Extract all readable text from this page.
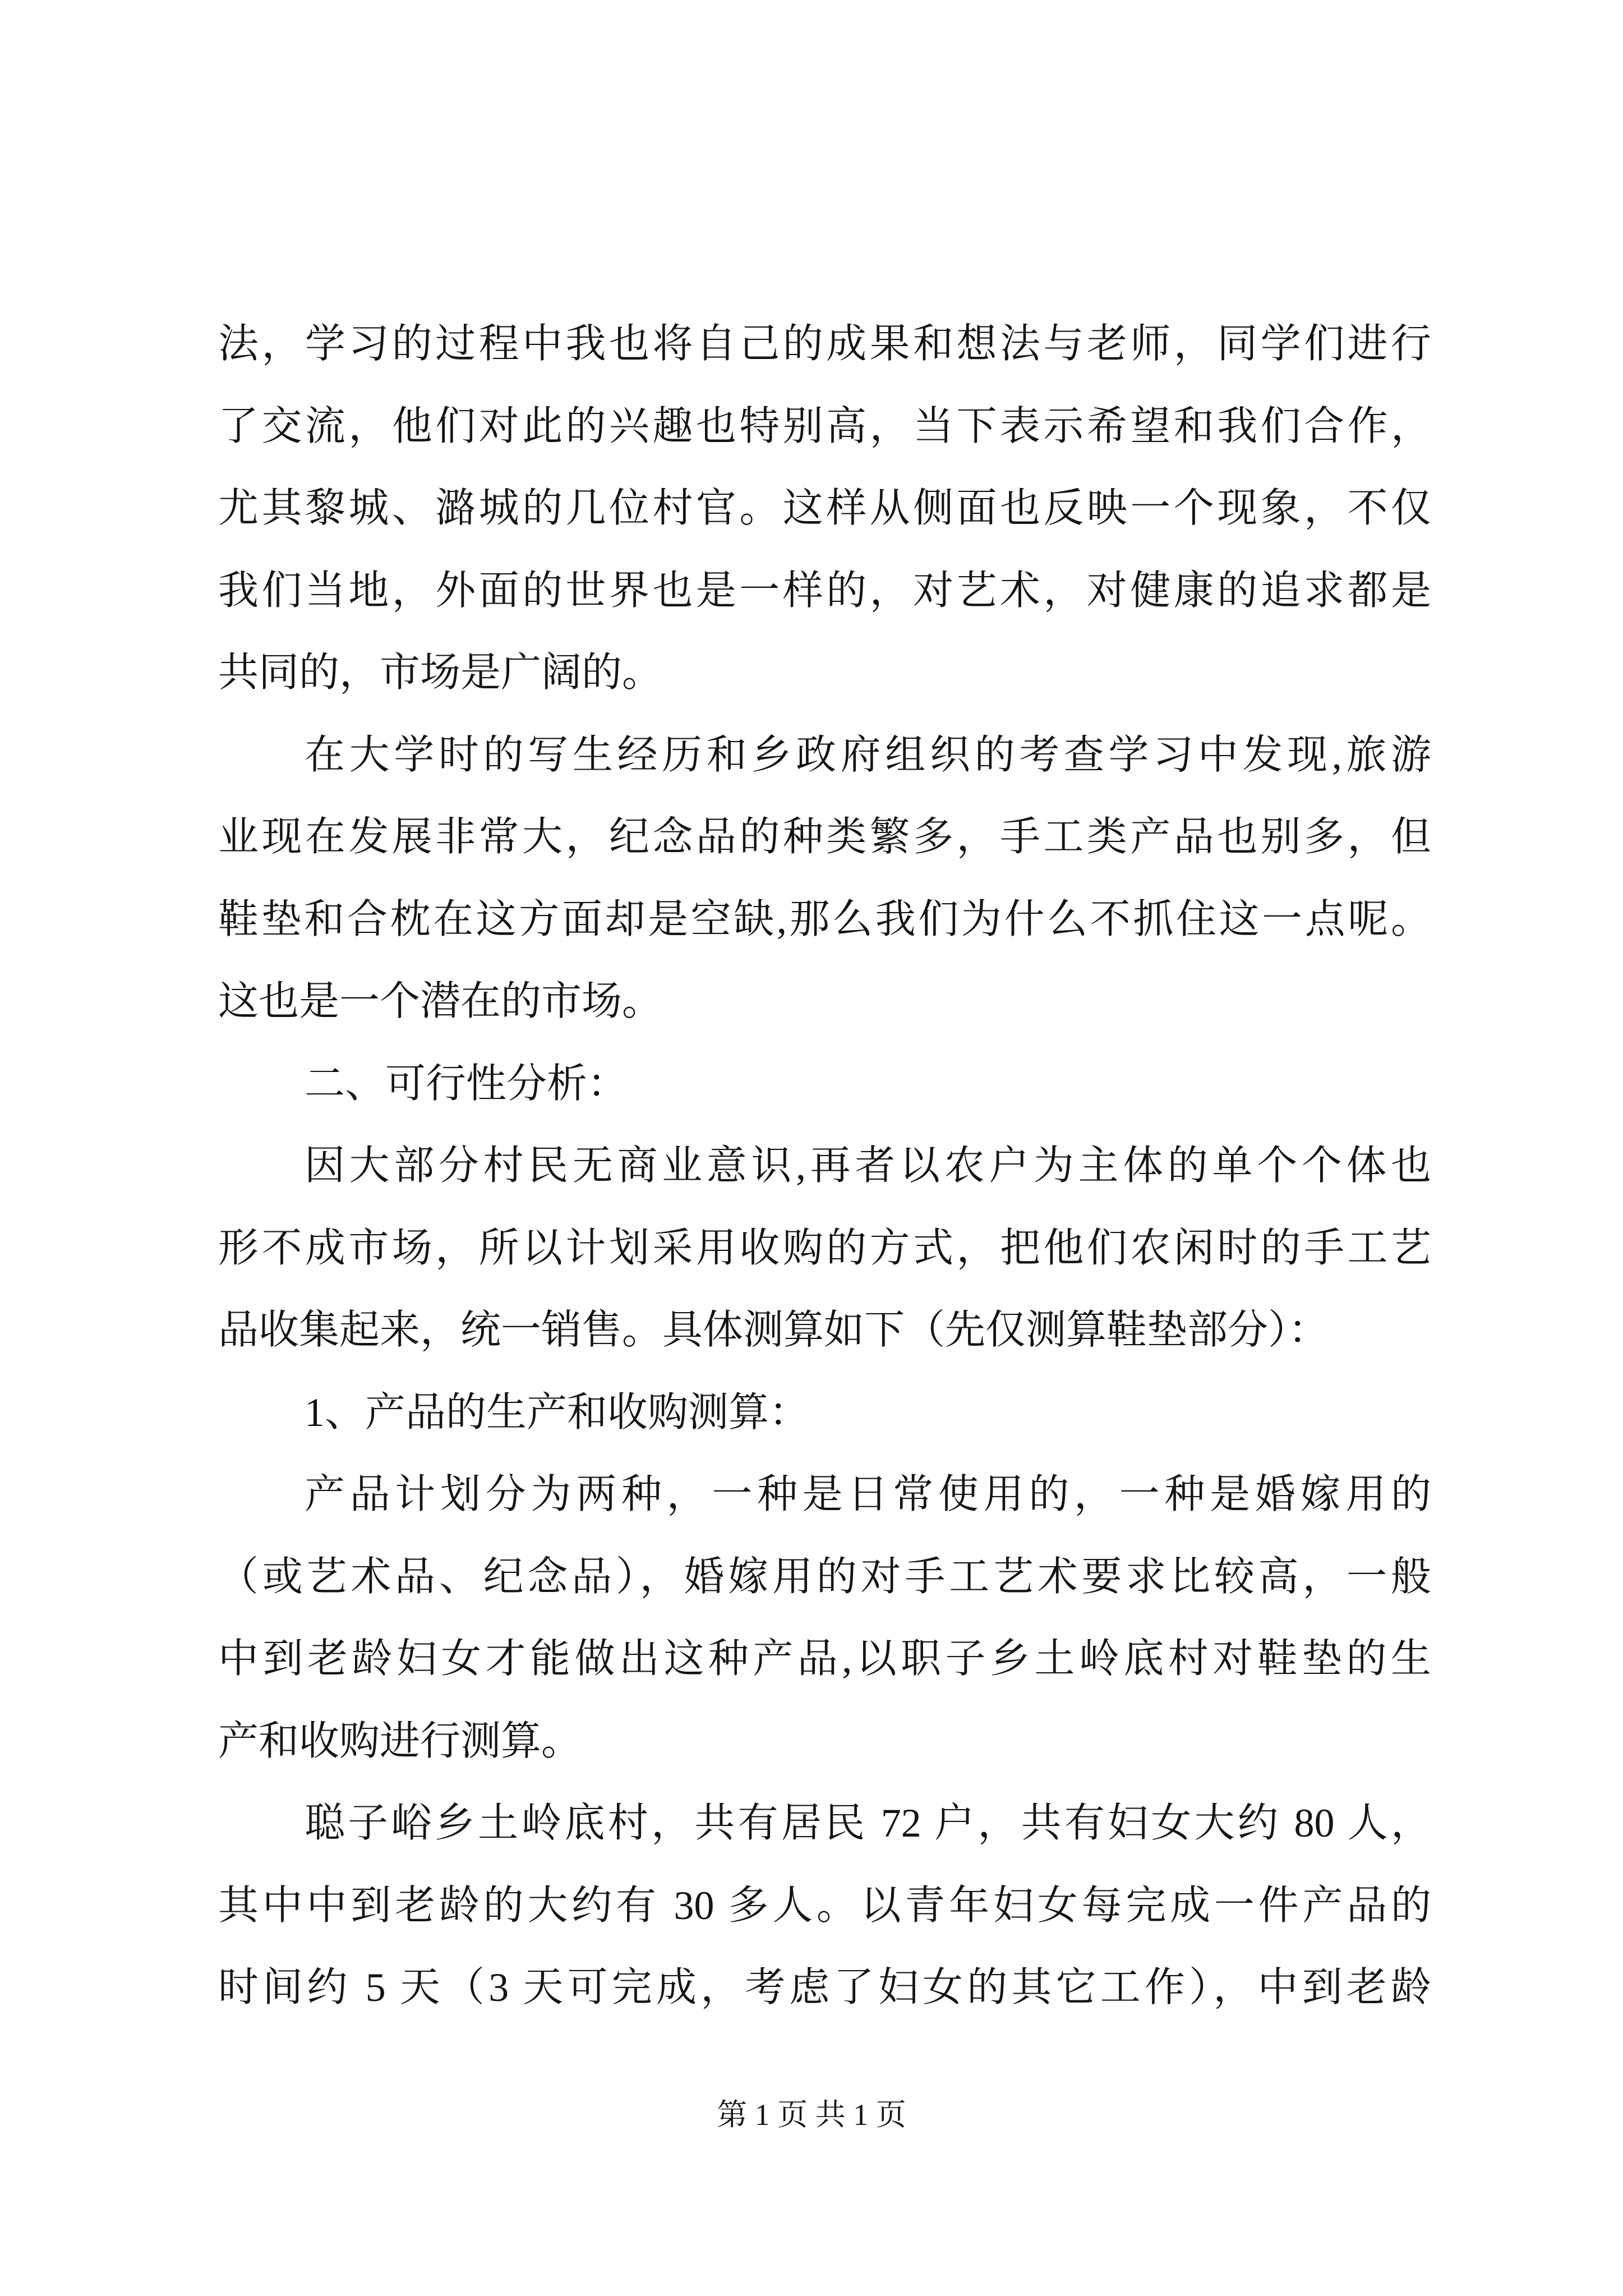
法，学习的过程中我也将自己的成果和想法与老师，同学们进行
了交流，他们对此的兴趣也特别高，当下表示希望和我们合作，
尤其黎城、潞城的几位村官。这样从侧面也反映一个现象，不仅
我们当地，外面的世界也是一样的，对艺术，对健康的追求都是
共同的，市场是广阔的。
在大学时的写生经历和乡政府组织的考查学习中发现,旅游
业现在发展非常大，纪念品的种类繁多，手工类产品也别多，但
鞋垫和合枕在这方面却是空缺,那么我们为什么不抓住这一点呢。
这也是一个潜在的市场。
二、可行性分析：
因大部分村民无商业意识,再者以农户为主体的单个个体也
形不成市场，所以计划采用收购的方式，把他们农闲时的手工艺
品收集起来，统一销售。具体测算如下（先仅测算鞋垫部分）：
1、产品的生产和收购测算：
产品计划分为两种，一种是日常使用的，一种是婚嫁用的
（或艺术品、纪念品），婚嫁用的对手工艺术要求比较高，一般
中到老龄妇女才能做出这种产品,以职子乡土岭底村对鞋垫的生
产和收购进行测算。
聪子峪乡土岭底村，共有居民 72 户，共有妇女大约 80 人，
其中中到老龄的大约有 30 多人。以青年妇女每完成一件产品的
时间约 5 天（3 天可完成，考虑了妇女的其它工作），中到老龄
第 1 页 共 1 页
